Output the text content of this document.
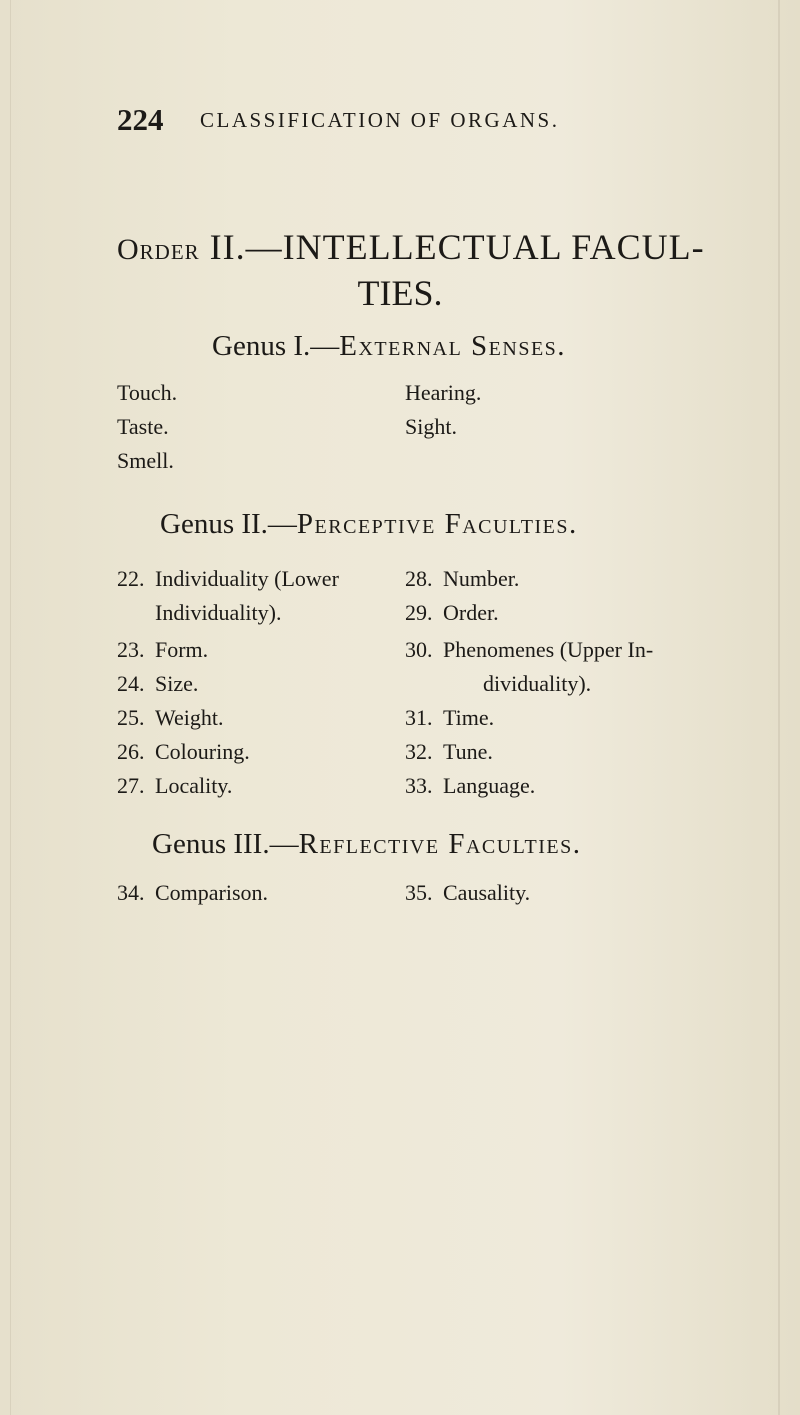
224 CLASSIFICATION OF ORGANS.
Order II.—INTELLECTUAL FACUL-
TIES.
Genus I.—External Senses.
Touch.
Taste.
Smell.
Hearing.
Sight.
Genus II.—Perceptive Faculties.
22. Individuality (Lower
Individuality).
23. Form.
24. Size.
25. Weight.
26. Colouring.
27. Locality.
28. Number.
29. Order.
30. Phenomenes (Upper In-
dividuality).
31. Time.
32. Tune.
33. Language.
Genus III.—Reflective Faculties.
34. Comparison.	35. Causality.
